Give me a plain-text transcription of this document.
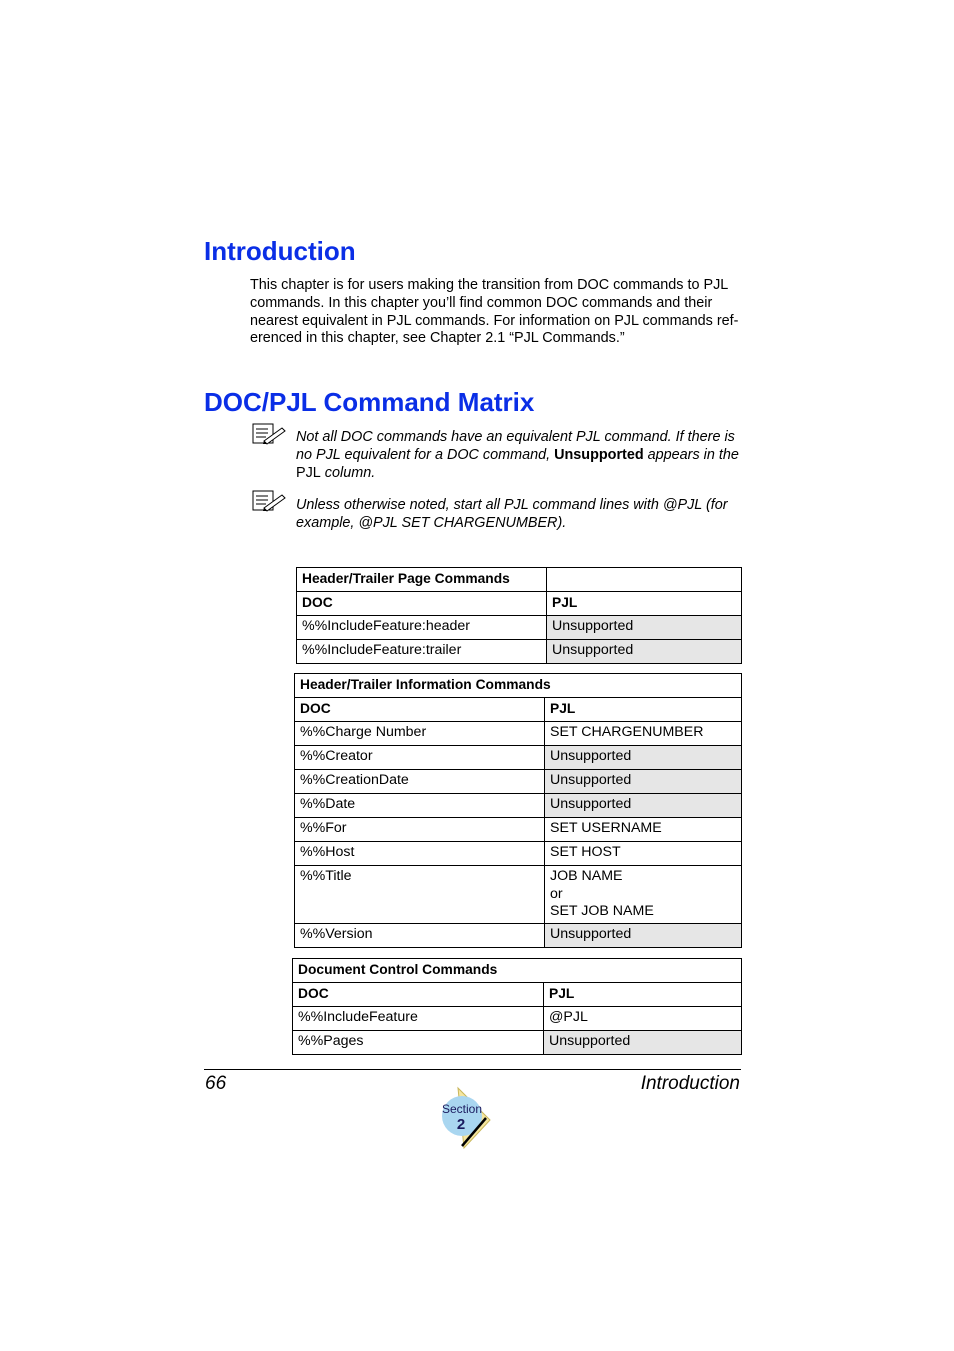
Introduction
This chapter is for users making the transition from DOC commands to PJL
commands. In this chapter you’ll find common DOC commands and their
nearest equivalent in PJL commands. For information on PJL commands ref-
erenced in this chapter, see Chapter 2.1 “PJL Commands.”
DOC/PJL Command Matrix
Not all DOC commands have an equivalent PJL command. If there is
no PJL equivalent for a DOC command, Unsupported appears in the
PJL column.
Unless otherwise noted, start all PJL command lines with @PJL (for
example, @PJL SET CHARGENUMBER).
Header/Trailer Page Commands	
DOC	PJL
%%IncludeFeature:header	Unsupported
%%IncludeFeature:trailer	Unsupported
Header/Trailer Information Commands	
DOC	PJL
%%Charge Number	SET CHARGENUMBER
%%Creator	Unsupported
%%CreationDate	Unsupported
%%Date	Unsupported
%%For	SET USERNAME
%%Host	SET HOST
%%Title	JOB NAME
or
SET JOB NAME

%%Version	Unsupported
Document Control Commands	
DOC	PJL
%%IncludeFeature	@PJL
%%Pages	Unsupported
66	Introduction
Section
2
